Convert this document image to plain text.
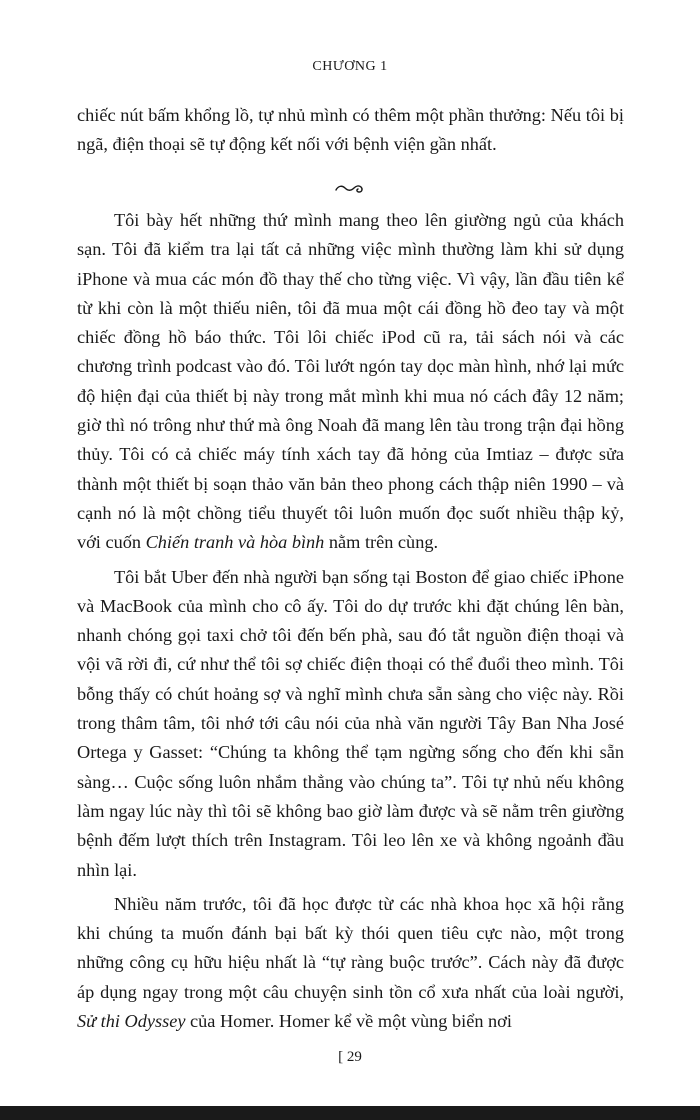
CHƯƠNG 1

chiếc nút bấm khổng lồ, tự nhủ mình có thêm một phần thưởng: Nếu tôi bị ngã, điện thoại sẽ tự động kết nối với bệnh viện gần nhất.

Tôi bày hết những thứ mình mang theo lên giường ngủ của khách sạn. Tôi đã kiểm tra lại tất cả những việc mình thường làm khi sử dụng iPhone và mua các món đồ thay thế cho từng việc. Vì vậy, lần đầu tiên kể từ khi còn là một thiếu niên, tôi đã mua một cái đồng hồ đeo tay và một chiếc đồng hồ báo thức. Tôi lôi chiếc iPod cũ ra, tải sách nói và các chương trình podcast vào đó. Tôi lướt ngón tay dọc màn hình, nhớ lại mức độ hiện đại của thiết bị này trong mắt mình khi mua nó cách đây 12 năm; giờ thì nó trông như thứ mà ông Noah đã mang lên tàu trong trận đại hồng thủy. Tôi có cả chiếc máy tính xách tay đã hỏng của Imtiaz – được sửa thành một thiết bị soạn thảo văn bản theo phong cách thập niên 1990 – và cạnh nó là một chồng tiểu thuyết tôi luôn muốn đọc suốt nhiều thập kỷ, với cuốn Chiến tranh và hòa bình nằm trên cùng.

Tôi bắt Uber đến nhà người bạn sống tại Boston để giao chiếc iPhone và MacBook của mình cho cô ấy. Tôi do dự trước khi đặt chúng lên bàn, nhanh chóng gọi taxi chở tôi đến bến phà, sau đó tắt nguồn điện thoại và vội vã rời đi, cứ như thể tôi sợ chiếc điện thoại có thể đuổi theo mình. Tôi bỗng thấy có chút hoảng sợ và nghĩ mình chưa sẵn sàng cho việc này. Rồi trong thâm tâm, tôi nhớ tới câu nói của nhà văn người Tây Ban Nha José Ortega y Gasset: “Chúng ta không thể tạm ngừng sống cho đến khi sẵn sàng… Cuộc sống luôn nhắm thẳng vào chúng ta”. Tôi tự nhủ nếu không làm ngay lúc này thì tôi sẽ không bao giờ làm được và sẽ nằm trên giường bệnh đếm lượt thích trên Instagram. Tôi leo lên xe và không ngoảnh đầu nhìn lại.

Nhiều năm trước, tôi đã học được từ các nhà khoa học xã hội rằng khi chúng ta muốn đánh bại bất kỳ thói quen tiêu cực nào, một trong những công cụ hữu hiệu nhất là “tự ràng buộc trước”. Cách này đã được áp dụng ngay trong một câu chuyện sinh tồn cổ xưa nhất của loài người, Sử thi Odyssey của Homer. Homer kể về một vùng biển nơi

[ 29
